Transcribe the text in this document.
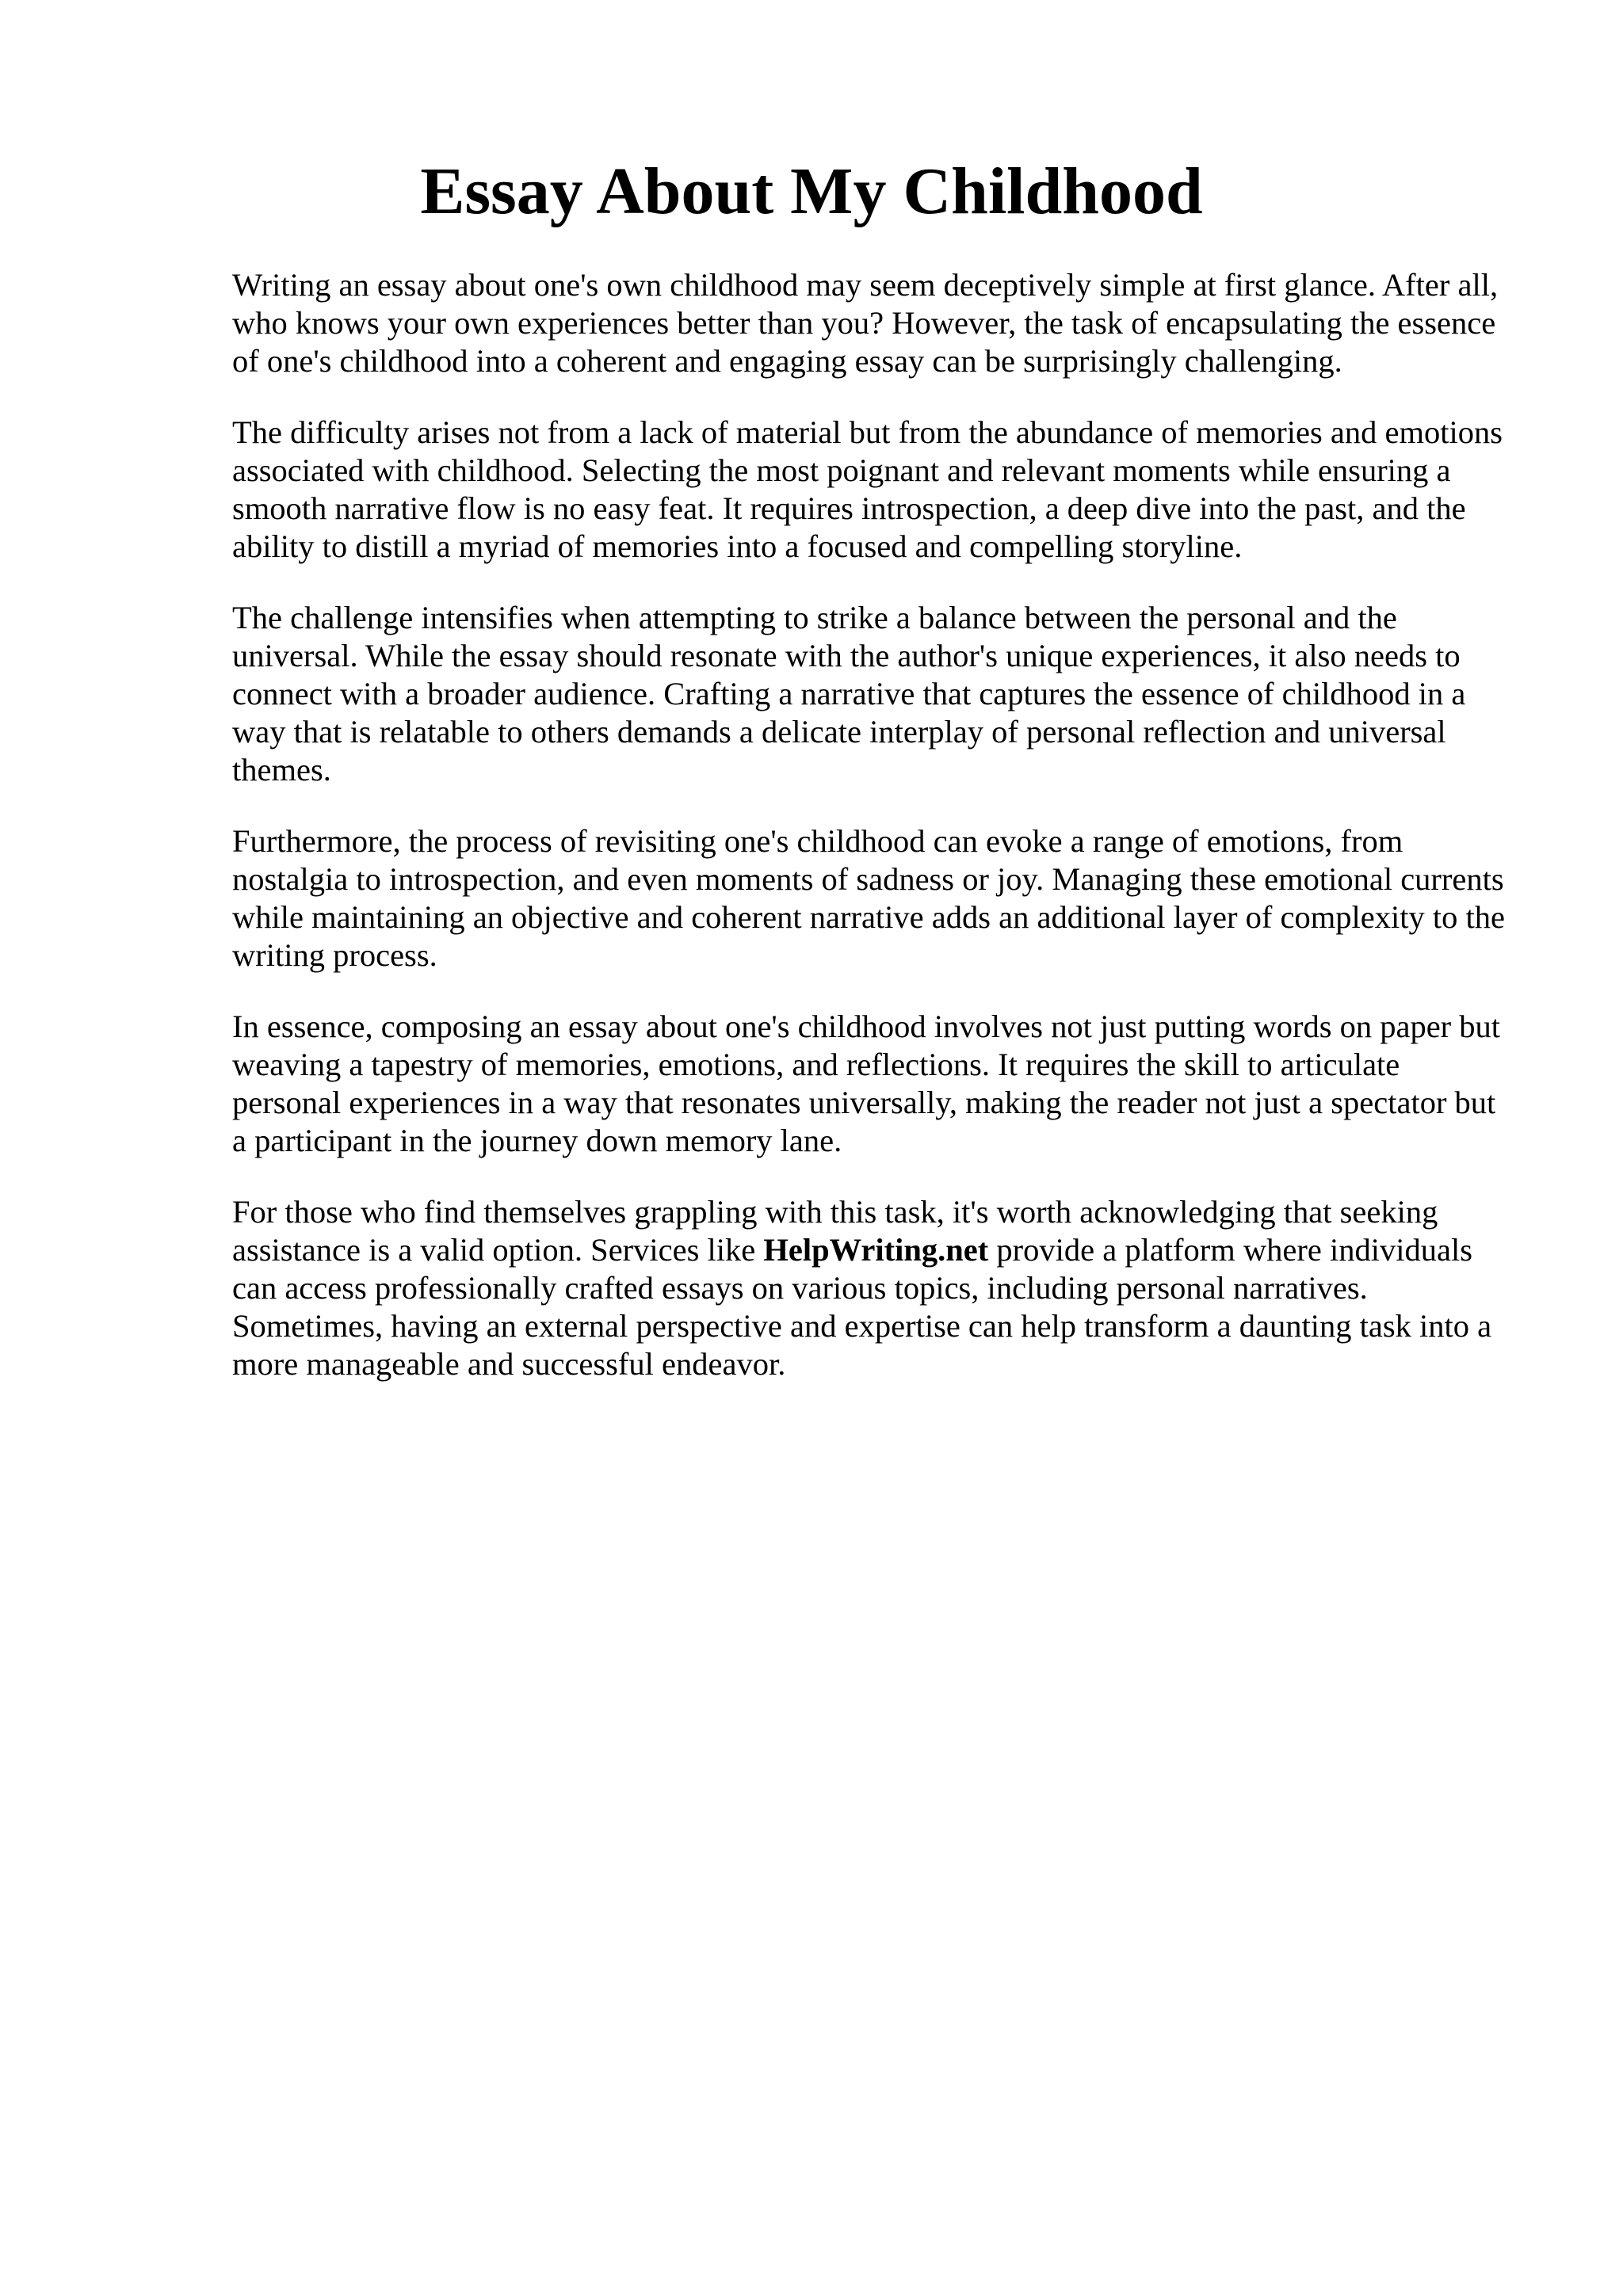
Essay About My Childhood

Writing an essay about one's own childhood may seem deceptively simple at first glance. After all, who knows your own experiences better than you? However, the task of encapsulating the essence of one's childhood into a coherent and engaging essay can be surprisingly challenging.

The difficulty arises not from a lack of material but from the abundance of memories and emotions associated with childhood. Selecting the most poignant and relevant moments while ensuring a smooth narrative flow is no easy feat. It requires introspection, a deep dive into the past, and the ability to distill a myriad of memories into a focused and compelling storyline.

The challenge intensifies when attempting to strike a balance between the personal and the universal. While the essay should resonate with the author's unique experiences, it also needs to connect with a broader audience. Crafting a narrative that captures the essence of childhood in a way that is relatable to others demands a delicate interplay of personal reflection and universal themes.

Furthermore, the process of revisiting one's childhood can evoke a range of emotions, from nostalgia to introspection, and even moments of sadness or joy. Managing these emotional currents while maintaining an objective and coherent narrative adds an additional layer of complexity to the writing process.

In essence, composing an essay about one's childhood involves not just putting words on paper but weaving a tapestry of memories, emotions, and reflections. It requires the skill to articulate personal experiences in a way that resonates universally, making the reader not just a spectator but a participant in the journey down memory lane.

For those who find themselves grappling with this task, it's worth acknowledging that seeking assistance is a valid option. Services like HelpWriting.net provide a platform where individuals can access professionally crafted essays on various topics, including personal narratives. Sometimes, having an external perspective and expertise can help transform a daunting task into a more manageable and successful endeavor.
